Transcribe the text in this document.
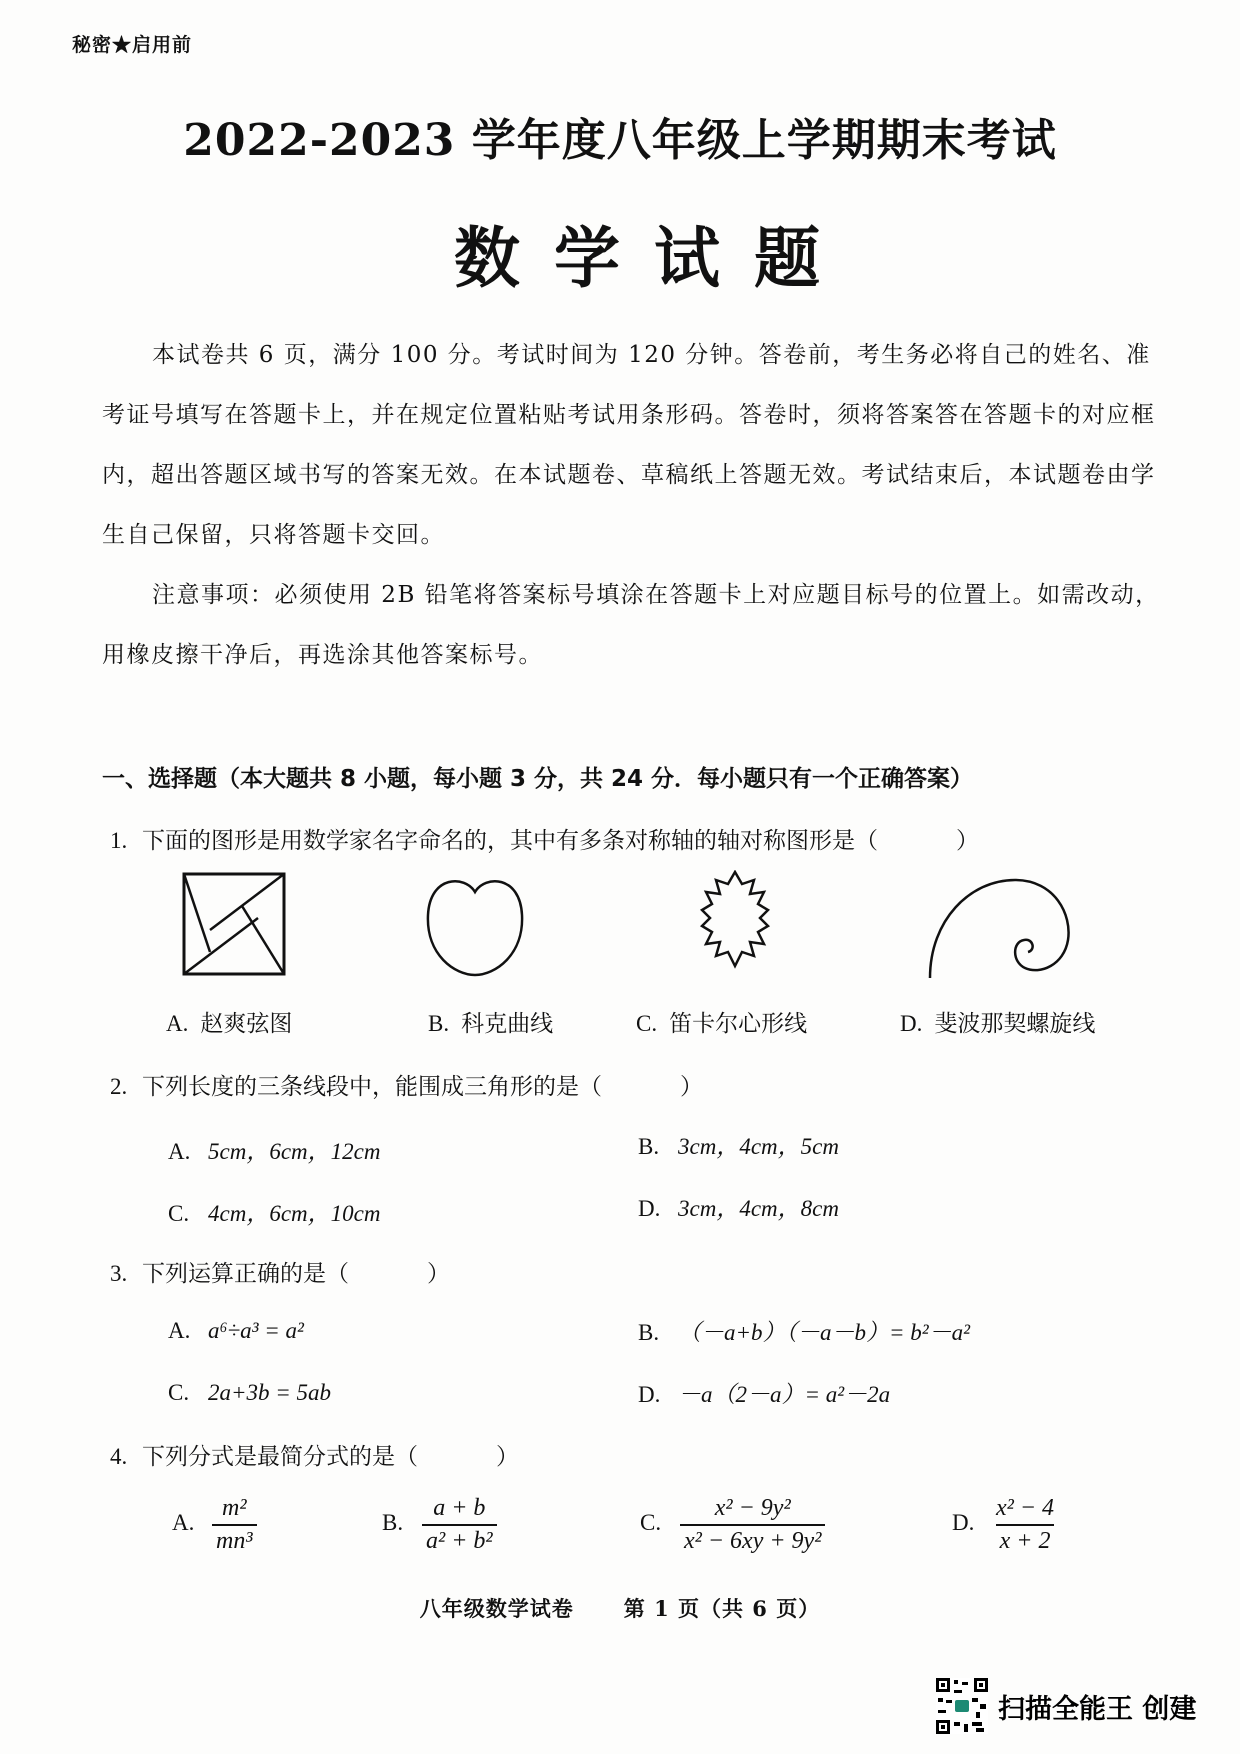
秘密★启用前
2022-2023 学年度八年级上学期期末考试
数学试题

本试卷共 6 页，满分 100 分。考试时间为 120 分钟。答卷前，考生务必将自己的姓名、准考证号填写在答题卡上，并在规定位置粘贴考试用条形码。答卷时，须将答案答在答题卡的对应框内，超出答题区域书写的答案无效。在本试题卷、草稿纸上答题无效。考试结束后，本试题卷由学生自己保留，只将答题卡交回。

注意事项：必须使用 2B 铅笔将答案标号填涂在答题卡上对应题目标号的位置上。如需改动，用橡皮擦干净后，再选涂其他答案标号。

一、选择题（本大题共 8 小题，每小题 3 分，共 24 分．每小题只有一个正确答案）
1. 下面的图形是用数学家名字命名的，其中有多条对称轴的轴对称图形是（	）
A. 赵爽弦图	B. 科克曲线	C. 笛卡尔心形线	D. 斐波那契螺旋线
2. 下列长度的三条线段中，能围成三角形的是（	）
A. 5cm，6cm，12cm	B. 3cm，4cm，5cm
C. 4cm，6cm，10cm	D. 3cm，4cm，8cm
3. 下列运算正确的是（	）
A. a⁶÷a³ = a²	B. （－a+b）（－a－b）= b²－a²
C. 2a+3b = 5ab	D. －a（2－a）= a²－2a
4. 下列分式是最简分式的是（	）
A. $\frac{\text{m²}}{\text{mn³}}$	B. $\frac{a + b}{\text{a² + b²}}$	C. $\frac{\text{x² − 9y²}}{\text{x² − 6xy + 9y²}}$	D. $\frac{\text{x² − 4}}{x + 2}$
八年级数学试卷 第 1 页（共 6 页）
扫描全能王 创建
